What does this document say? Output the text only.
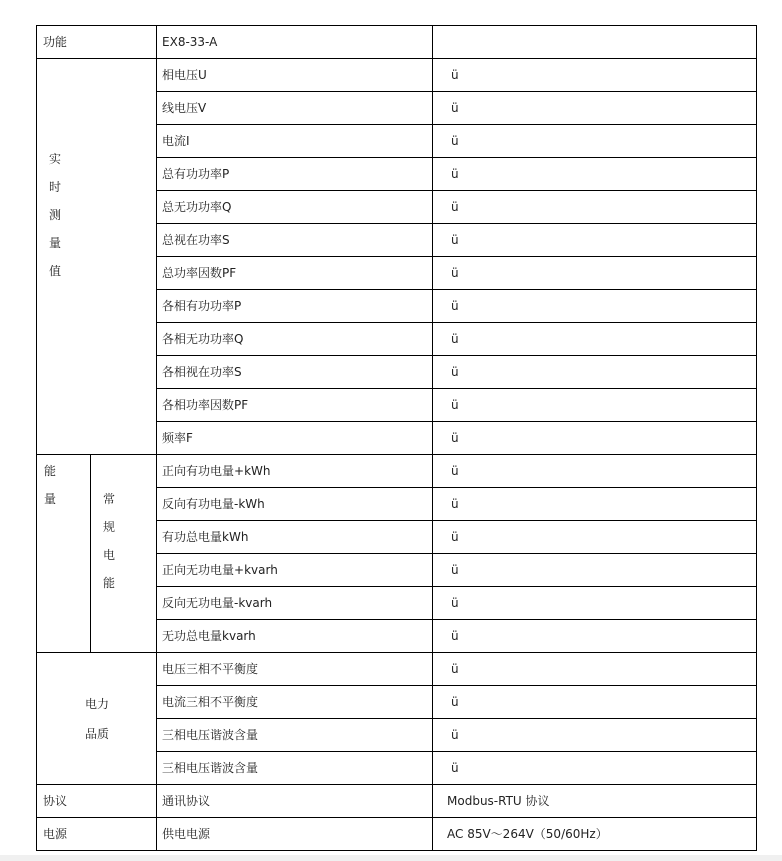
功能		EX8-33-A	

实
时
测
量
值		相电压U	ü
		线电压V	ü
		电流I	ü
		总有功功率P	ü
		总无功功率Q	ü
		总视在功率S	ü
		总功率因数PF	ü
		各相有功功率P	ü
		各相无功功率Q	ü
		各相视在功率S	ü
		各相功率因数PF	ü
		频率F	ü

能
量	常
规
电
能	正向有功电量+kWh	ü
		反向有功电量-kWh	ü
		有功总电量kWh	ü
		正向无功电量+kvarh	ü
		反向无功电量-kvarh	ü
		无功总电量kvarh	ü

电力
品质		电压三相不平衡度	ü
		电流三相不平衡度	ü
		三相电压谐波含量	ü
		三相电压谐波含量	ü
协议		通讯协议	Modbus-RTU 协议
电源		供电电源	AC 85V～264V（50/60Hz）
